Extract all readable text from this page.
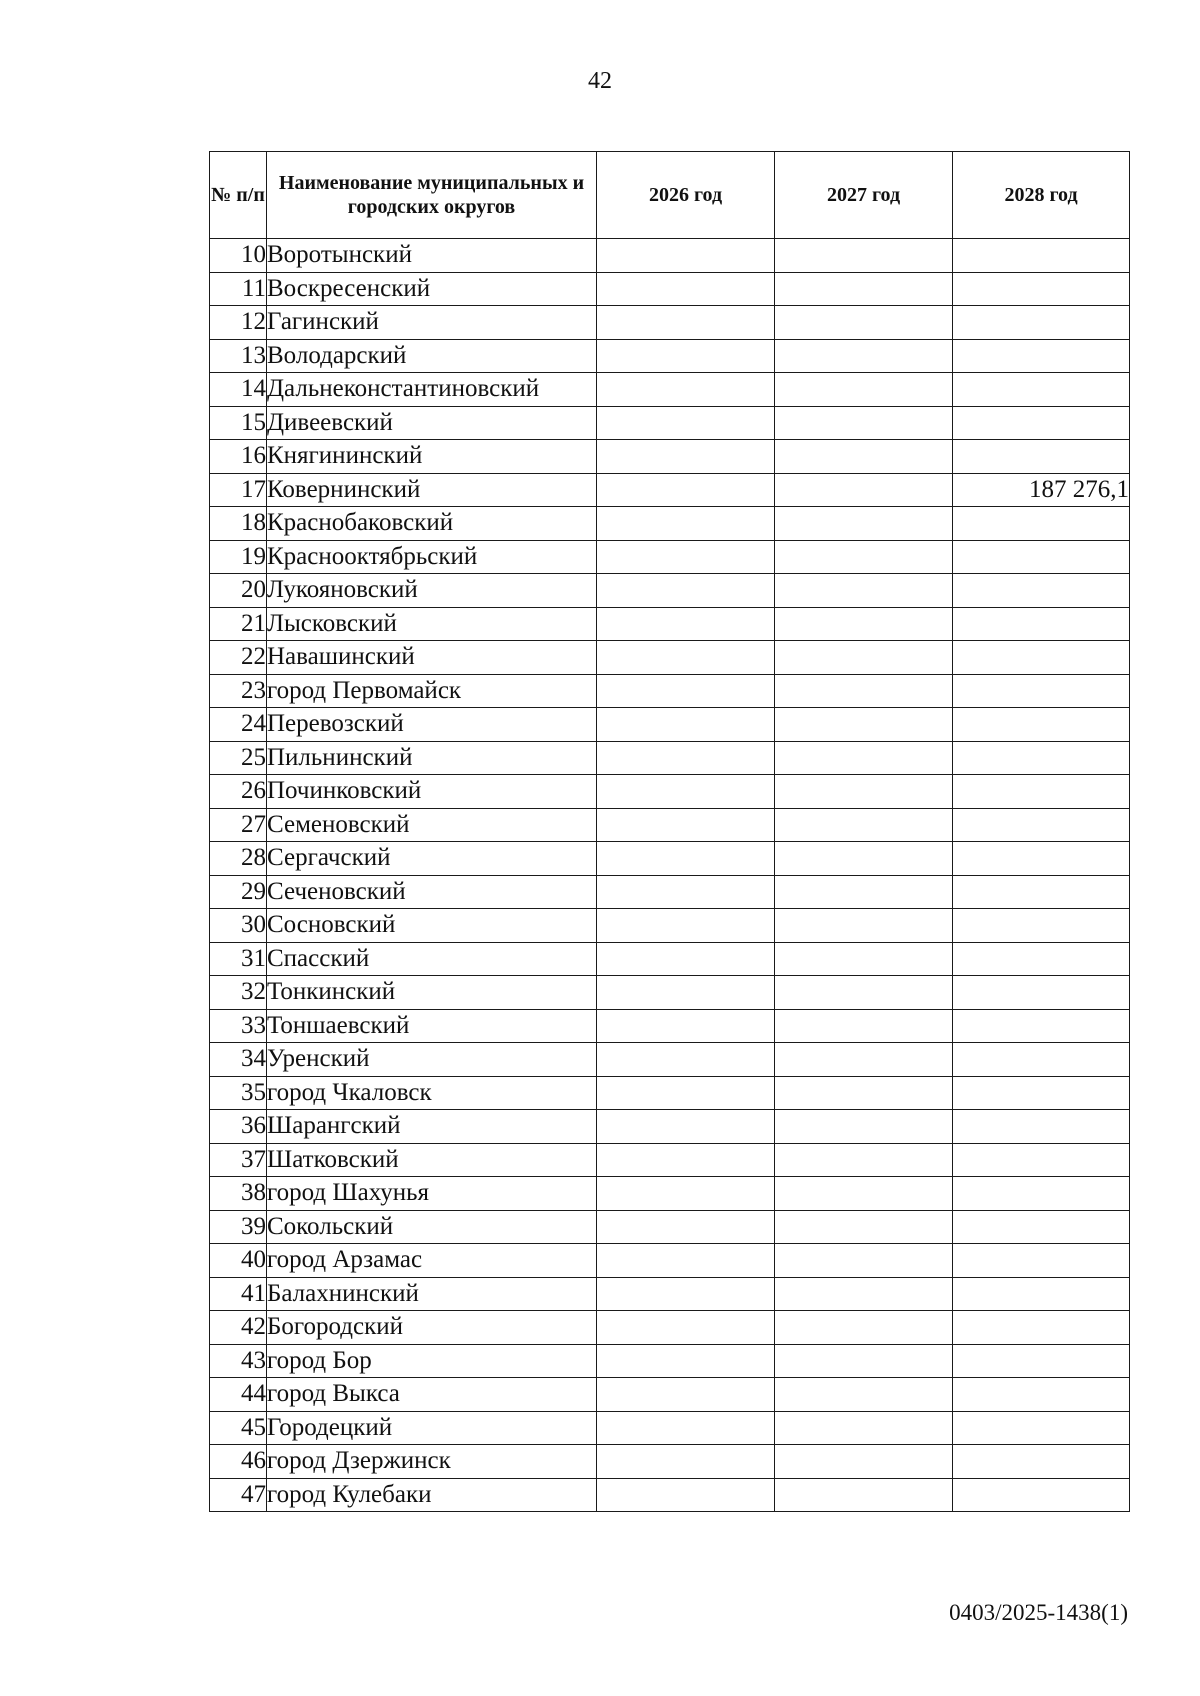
42
№ п/п	Наименование муниципальных и городских округов	2026 год	2027 год	2028 год
10	Воротынский			
11	Воскресенский			
12	Гагинский			
13	Володарский			
14	Дальнеконстантиновский			
15	Дивеевский			
16	Княгининский			
17	Ковернинский			187 276,1
18	Краснобаковский			
19	Краснооктябрьский			
20	Лукояновский			
21	Лысковский			
22	Навашинский			
23	город Первомайск			
24	Перевозский			
25	Пильнинский			
26	Починковский			
27	Семеновский			
28	Сергачский			
29	Сеченовский			
30	Сосновский			
31	Спасский			
32	Тонкинский			
33	Тоншаевский			
34	Уренский			
35	город Чкаловск			
36	Шарангский			
37	Шатковский			
38	город Шахунья			
39	Сокольский			
40	город Арзамас			
41	Балахнинский			
42	Богородский			
43	город Бор			
44	город Выкса			
45	Городецкий			
46	город Дзержинск			
47	город Кулебаки			
0403/2025-1438(1)
